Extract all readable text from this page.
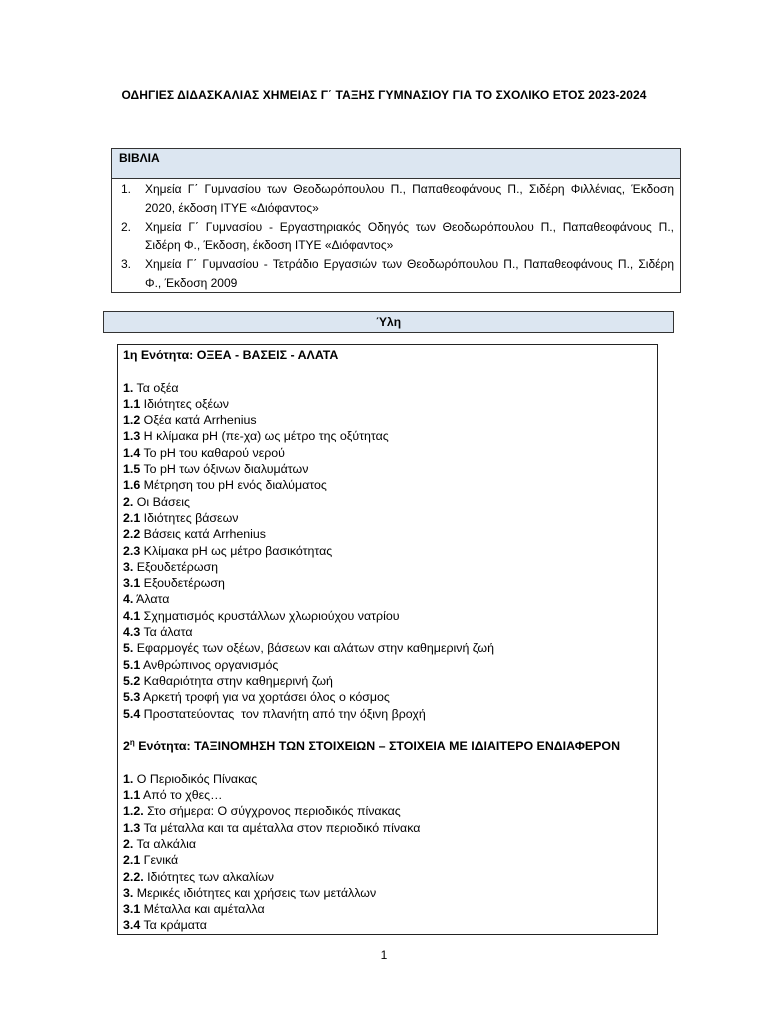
ΟΔΗΓΙΕΣ ΔΙΔΑΣΚΑΛΙΑΣ ΧΗΜΕΙΑΣ Γ΄ ΤΑΞΗΣ ΓΥΜΝΑΣΙΟΥ ΓΙΑ ΤΟ ΣΧΟΛΙΚΟ ΕΤΟΣ 2023-2024
ΒΙΒΛΙΑ
1.	Χημεία Γ΄ Γυμνασίου των Θεοδωρόπουλου Π., Παπαθεοφάνους Π., Σιδέρη Φιλλένιας, Έκδοση 2020, έκδοση ΙΤΥΕ «Διόφαντος»
2.	Χημεία Γ΄ Γυμνασίου - Εργαστηριακός Οδηγός των Θεοδωρόπουλου Π., Παπαθεοφάνους Π., Σιδέρη Φ., Έκδοση, έκδοση ΙΤΥΕ «Διόφαντος»
3.	Χημεία Γ΄ Γυμνασίου - Τετράδιο Εργασιών των Θεοδωρόπουλου Π., Παπαθεοφάνους Π., Σιδέρη Φ., Έκδοση 2009
Ύλη
1η Ενότητα: ΟΞΕΑ - ΒΑΣΕΙΣ - ΑΛΑΤΑ
1. Τα οξέα
1.1 Ιδιότητες οξέων
1.2 Οξέα κατά Arrhenius
1.3 Η κλίμακα pH (πε-χα) ως μέτρο της οξύτητας
1.4 Το pH του καθαρού νερού
1.5 Το pH των όξινων διαλυμάτων
1.6 Μέτρηση του pH ενός διαλύματος
2. Οι Βάσεις
2.1 Ιδιότητες βάσεων
2.2 Βάσεις κατά Arrhenius
2.3 Κλίμακα pH ως μέτρο βασικότητας
3. Εξουδετέρωση
3.1 Εξουδετέρωση
4. Άλατα
4.1 Σχηματισμός κρυστάλλων χλωριούχου νατρίου
4.3 Τα άλατα
5. Εφαρμογές των οξέων, βάσεων και αλάτων στην καθημερινή ζωή
5.1 Ανθρώπινος οργανισμός
5.2 Καθαριότητα στην καθημερινή ζωή
5.3 Αρκετή τροφή για να χορτάσει όλος ο κόσμος
5.4 Προστατεύοντας  τον πλανήτη από την όξινη βροχή
$2^\eta$ Ενότητα: ΤΑΞΙΝΟΜΗΣΗ ΤΩΝ ΣΤΟΙΧΕΙΩΝ – ΣΤΟΙΧΕΙΑ ΜΕ ΙΔΙΑΙΤΕΡΟ ΕΝΔΙΑΦΕΡΟΝ
1. Ο Περιοδικός Πίνακας
1.1 Από το χθες…
1.2. Στο σήμερα: Ο σύγχρονος περιοδικός πίνακας
1.3 Τα μέταλλα και τα αμέταλλα στον περιοδικό πίνακα
2. Τα αλκάλια
2.1 Γενικά
2.2. Ιδιότητες των αλκαλίων
3. Μερικές ιδιότητες και χρήσεις των μετάλλων
3.1 Μέταλλα και αμέταλλα
3.4 Τα κράματα
1
